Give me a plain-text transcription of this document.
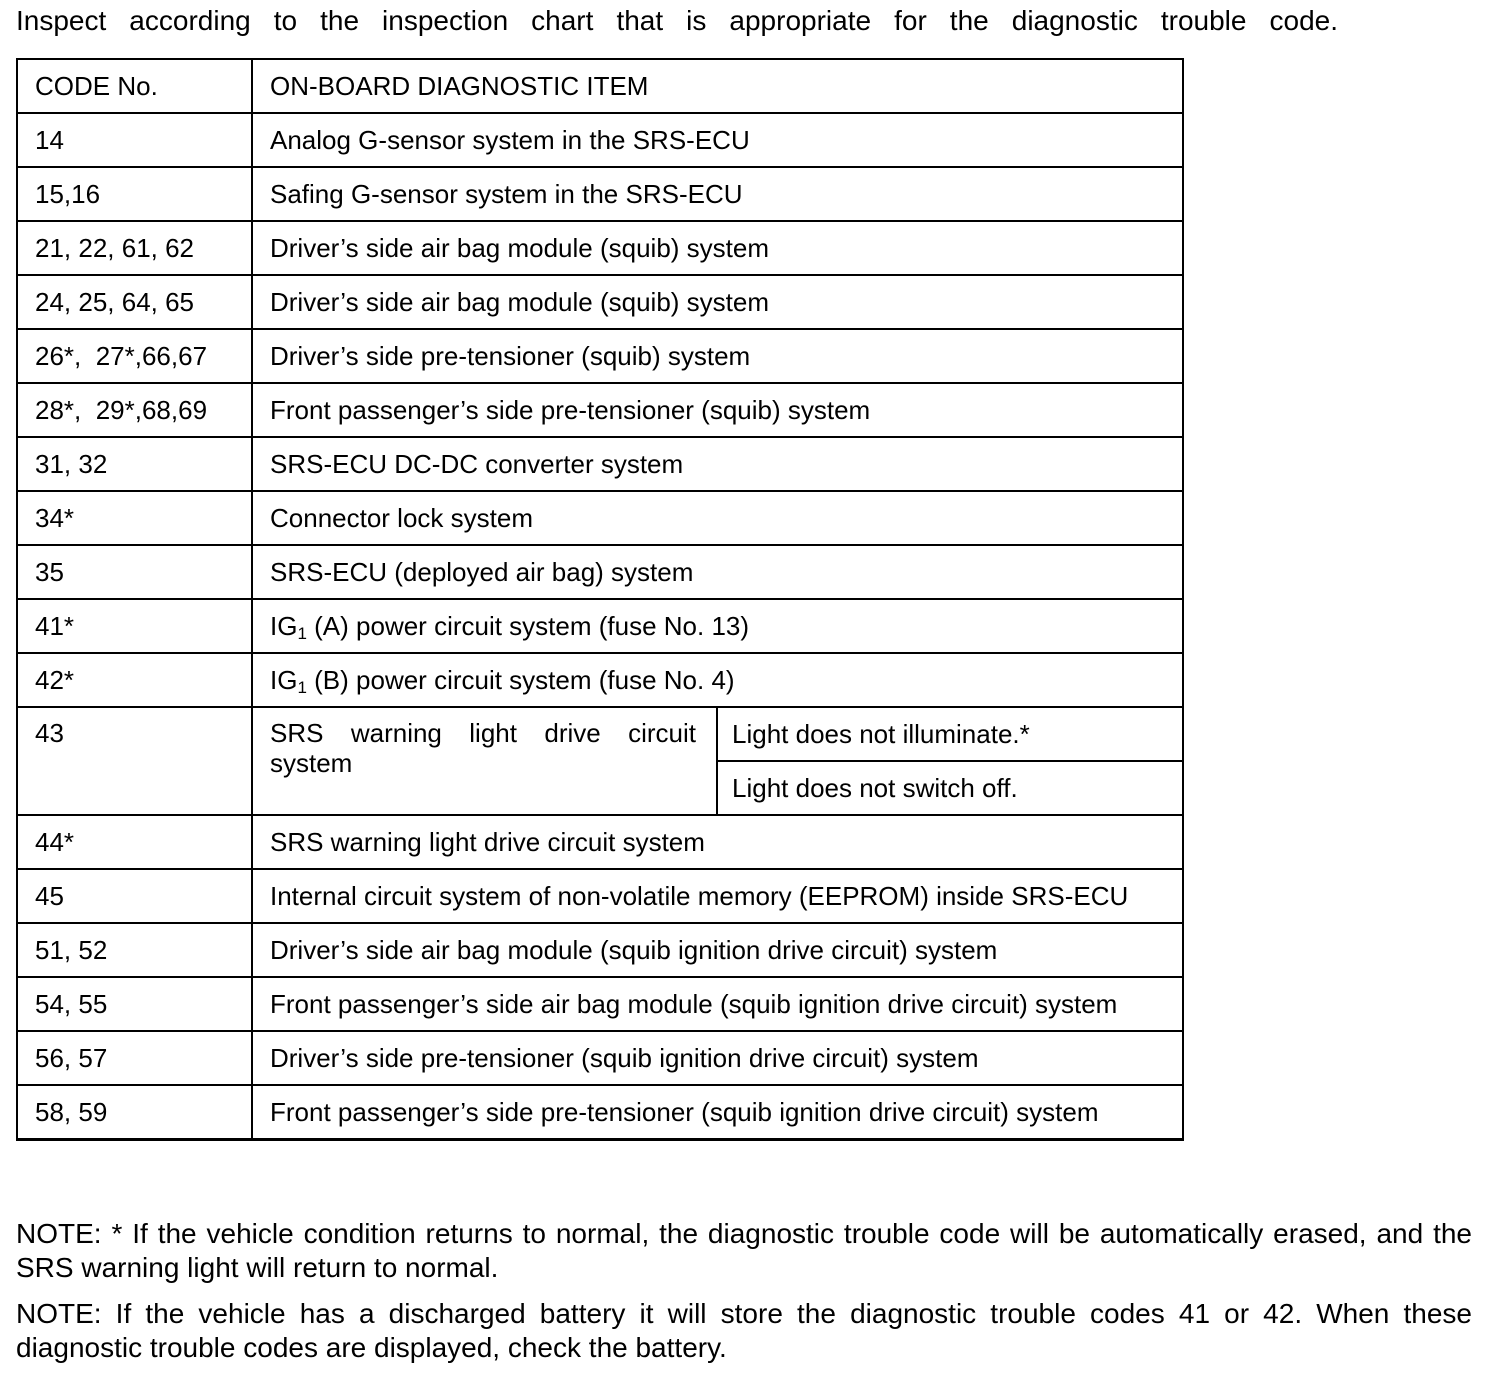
Inspect according to the inspection chart that is appropriate for the diagnostic trouble code.
CODE No.	ON-BOARD DIAGNOSTIC ITEM	
14	Analog G-sensor system in the SRS-ECU	
15,16	Safing G-sensor system in the SRS-ECU	
21, 22, 61, 62	Driver’s side air bag module (squib) system	
24, 25, 64, 65	Driver’s side air bag module (squib) system	
26*,  27*,66,67	Driver’s side pre-tensioner (squib) system	
28*,  29*,68,69	Front passenger’s side pre-tensioner (squib) system	
31, 32	SRS-ECU DC-DC converter system	
34*	Connector lock system	
35	SRS-ECU (deployed air bag) system	
41*	$IG_1$ (A) power circuit system (fuse No. 13)	
42*	$IG_1$ (B) power circuit system (fuse No. 4)	
43	SRS warning light drive circuit system	Light does not illuminate.*
		Light does not switch off.
44*	SRS warning light drive circuit system	
45	Internal circuit system of non-volatile memory (EEPROM) inside SRS-ECU	
51, 52	Driver’s side air bag module (squib ignition drive circuit) system	
54, 55	Front passenger’s side air bag module (squib ignition drive circuit) system	
56, 57	Driver’s side pre-tensioner (squib ignition drive circuit) system	
58, 59	Front passenger’s side pre-tensioner (squib ignition drive circuit) system	
NOTE: * If the vehicle condition returns to normal, the diagnostic trouble code will be automatically erased, and the SRS warning light will return to normal.
NOTE: If the vehicle has a discharged battery it will store the diagnostic trouble codes 41 or 42. When these diagnostic trouble codes are displayed, check the battery.
